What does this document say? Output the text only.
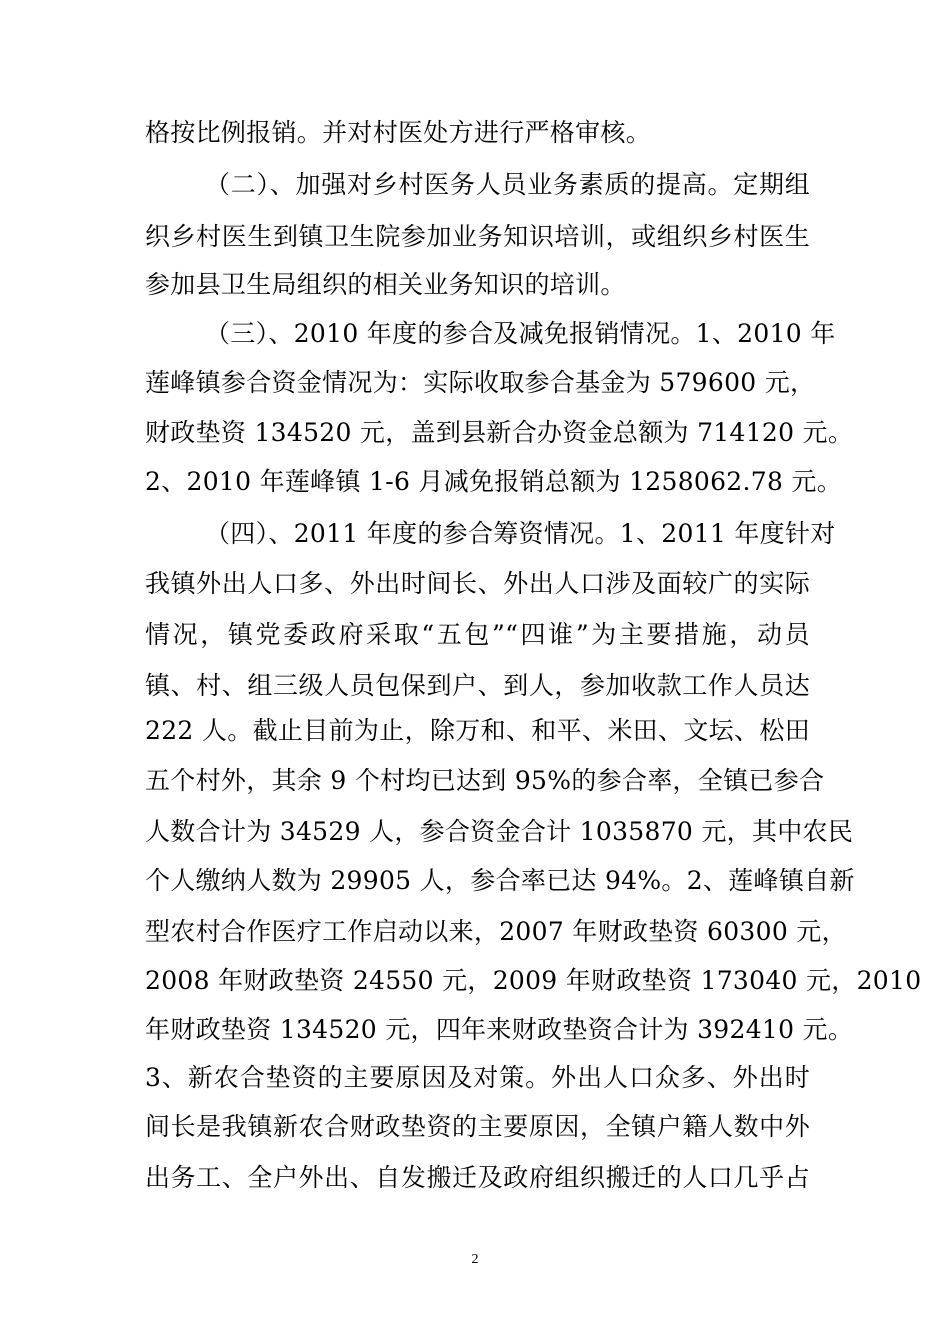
格按比例报销。并对村医处方进行严格审核。
（二）、加强对乡村医务人员业务素质的提高。定期组
织乡村医生到镇卫生院参加业务知识培训，或组织乡村医生
参加县卫生局组织的相关业务知识的培训。
（三）、2010 年度的参合及减免报销情况。1、2010 年
莲峰镇参合资金情况为：实际收取参合基金为 579600 元，
财政垫资 134520 元，盖到县新合办资金总额为 714120 元。
2、2010 年莲峰镇 1-6 月减免报销总额为 1258062.78 元。
（四）、2011 年度的参合筹资情况。1、2011 年度针对
我镇外出人口多、外出时间长、外出人口涉及面较广的实际
情况，镇党委政府采取“五包”“四谁”为主要措施，动员
镇、村、组三级人员包保到户、到人，参加收款工作人员达
222 人。截止目前为止，除万和、和平、米田、文坛、松田
五个村外，其余 9 个村均已达到 95%的参合率，全镇已参合
人数合计为 34529 人，参合资金合计 1035870 元，其中农民
个人缴纳人数为 29905 人，参合率已达 94%。2、莲峰镇自新
型农村合作医疗工作启动以来，2007 年财政垫资 60300 元，
2008 年财政垫资 24550 元，2009 年财政垫资 173040 元，2010
年财政垫资 134520 元，四年来财政垫资合计为 392410 元。
3、新农合垫资的主要原因及对策。外出人口众多、外出时
间长是我镇新农合财政垫资的主要原因，全镇户籍人数中外
出务工、全户外出、自发搬迁及政府组织搬迁的人口几乎占
2
